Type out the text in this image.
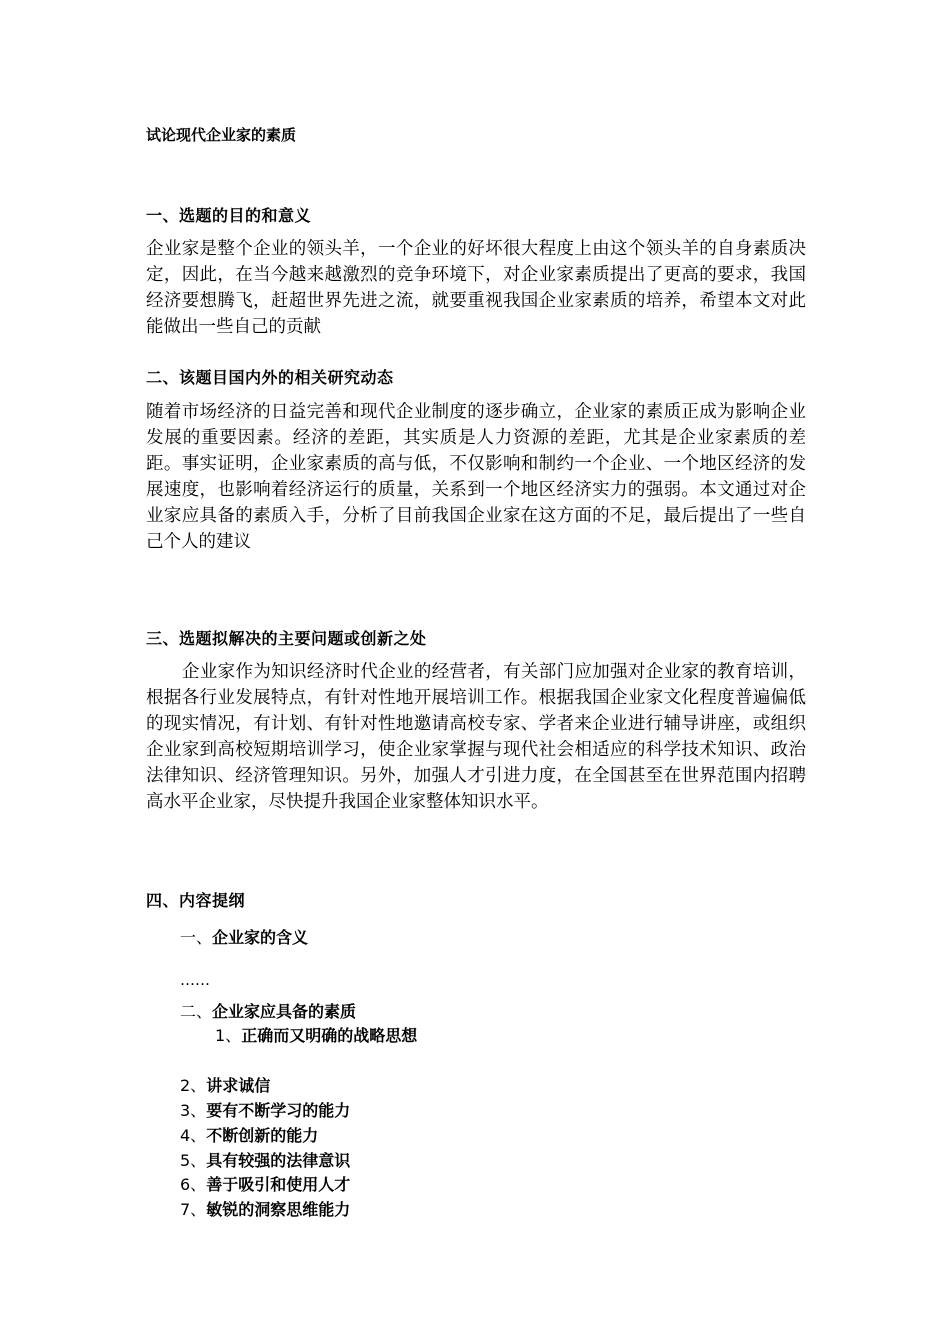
试论现代企业家的素质
一、选题的目的和意义
企业家是整个企业的领头羊，一个企业的好坏很大程度上由这个领头羊的自身素质决定，因此，在当今越来越激烈的竞争环境下，对企业家素质提出了更高的要求，我国经济要想腾飞，赶超世界先进之流，就要重视我国企业家素质的培养，希望本文对此能做出一些自己的贡献
二、该题目国内外的相关研究动态
随着市场经济的日益完善和现代企业制度的逐步确立，企业家的素质正成为影响企业发展的重要因素。经济的差距，其实质是人力资源的差距，尤其是企业家素质的差距。事实证明，企业家素质的高与低，不仅影响和制约一个企业、一个地区经济的发展速度，也影响着经济运行的质量，关系到一个地区经济实力的强弱。本文通过对企业家应具备的素质入手，分析了目前我国企业家在这方面的不足，最后提出了一些自己个人的建议
三、选题拟解决的主要问题或创新之处
企业家作为知识经济时代企业的经营者，有关部门应加强对企业家的教育培训，根据各行业发展特点，有针对性地开展培训工作。根据我国企业家文化程度普遍偏低的现实情况，有计划、有针对性地邀请高校专家、学者来企业进行辅导讲座，或组织企业家到高校短期培训学习，使企业家掌握与现代社会相适应的科学技术知识、政治法律知识、经济管理知识。另外，加强人才引进力度，在全国甚至在世界范围内招聘高水平企业家，尽快提升我国企业家整体知识水平。
四、内容提纲
一、企业家的含义
……
二、企业家应具备的素质
1、正确而又明确的战略思想
2、讲求诚信
3、要有不断学习的能力
4、不断创新的能力
5、具有较强的法律意识
6、善于吸引和使用人才
7、敏锐的洞察思维能力
